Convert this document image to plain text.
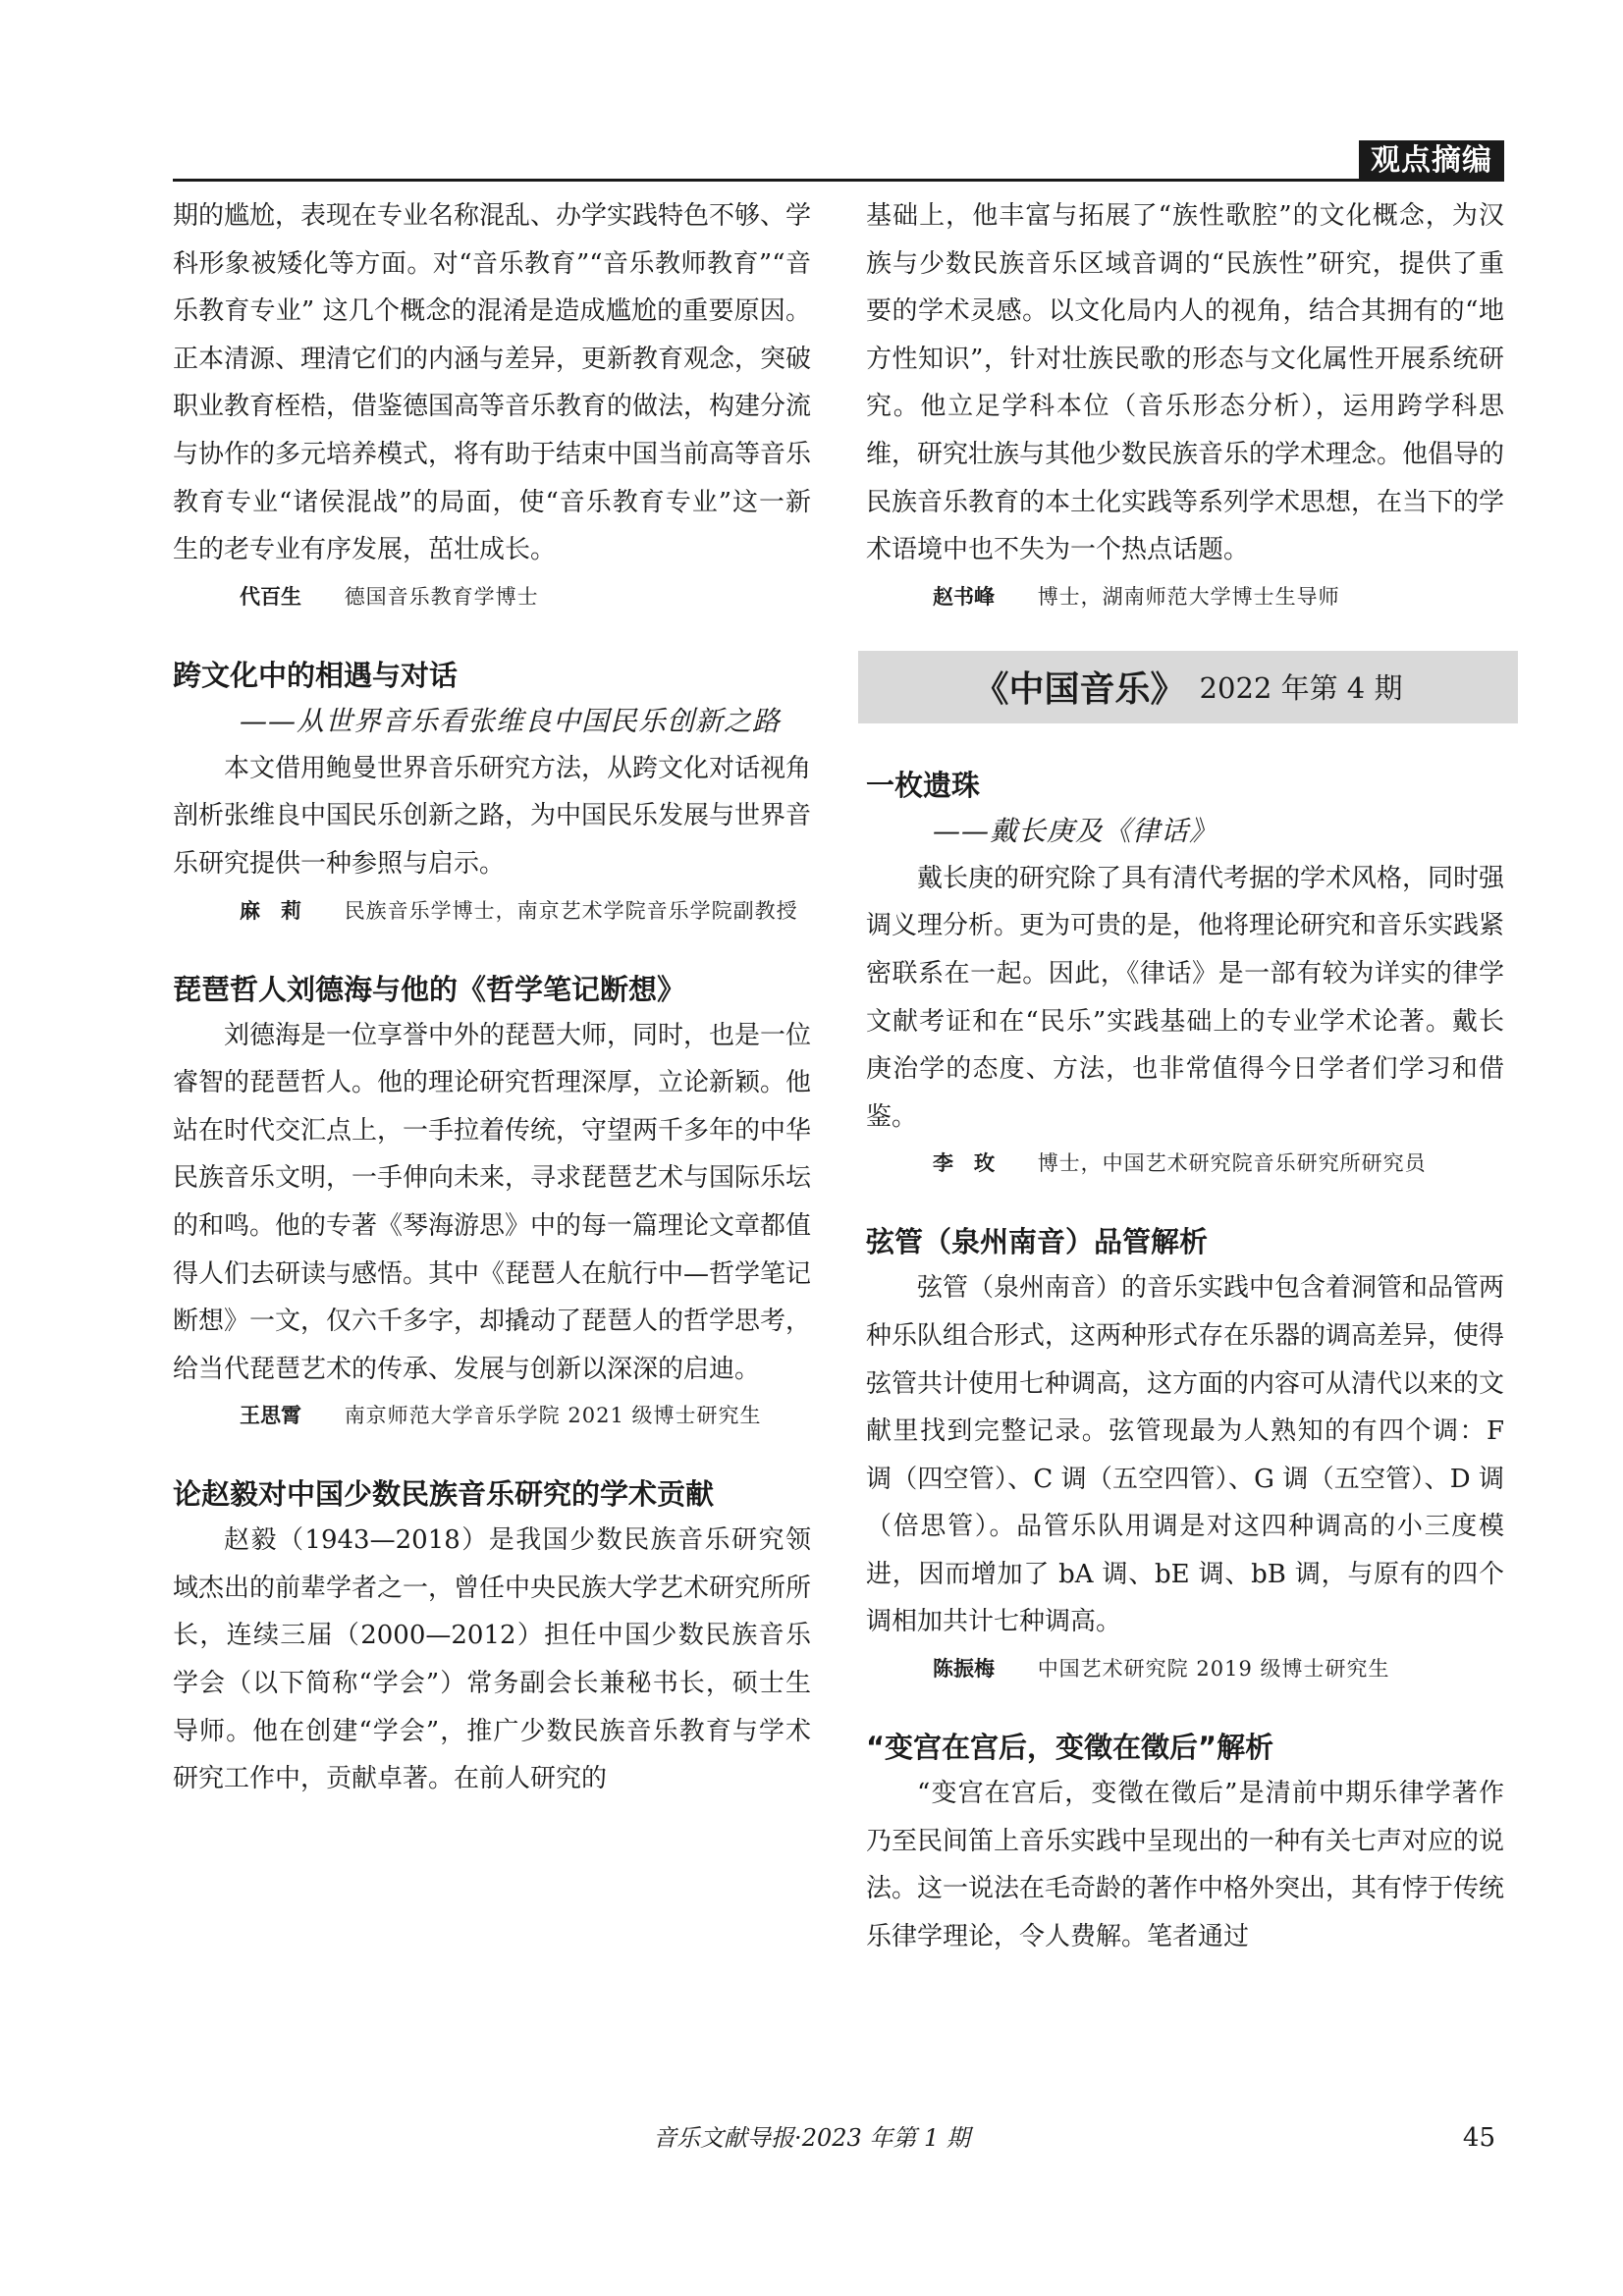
观点摘编

期的尴尬，表现在专业名称混乱、办学实践特色不够、学科形象被矮化等方面。对“音乐教育”“音乐教师教育”“音乐教育专业” 这几个概念的混淆是造成尴尬的重要原因。正本清源、理清它们的内涵与差异，更新教育观念，突破职业教育桎梏，借鉴德国高等音乐教育的做法，构建分流与协作的多元培养模式，将有助于结束中国当前高等音乐教育专业“诸侯混战”的局面，使“音乐教育专业”这一新生的老专业有序发展，茁壮成长。

代百生 德国音乐教育学博士
跨文化中的相遇与对话

——从世界音乐看张维良中国民乐创新之路

本文借用鲍曼世界音乐研究方法，从跨文化对话视角剖析张维良中国民乐创新之路，为中国民乐发展与世界音乐研究提供一种参照与启示。

麻　莉 民族音乐学博士，南京艺术学院音乐学院副教授
琵琶哲人刘德海与他的《哲学笔记断想》

刘德海是一位享誉中外的琵琶大师，同时，也是一位睿智的琵琶哲人。他的理论研究哲理深厚，立论新颖。他站在时代交汇点上，一手拉着传统，守望两千多年的中华民族音乐文明，一手伸向未来，寻求琵琶艺术与国际乐坛的和鸣。他的专著《琴海游思》中的每一篇理论文章都值得人们去研读与感悟。其中《琵琶人在航行中—哲学笔记断想》一文，仅六千多字，却撬动了琵琶人的哲学思考，给当代琵琶艺术的传承、发展与创新以深深的启迪。

王思霄 南京师范大学音乐学院 2021 级博士研究生
论赵毅对中国少数民族音乐研究的学术贡献

赵毅（1943—2018）是我国少数民族音乐研究领域杰出的前辈学者之一，曾任中央民族大学艺术研究所所长，连续三届（2000—2012）担任中国少数民族音乐学会（以下简称“学会”）常务副会长兼秘书长，硕士生导师。他在创建“学会”，推广少数民族音乐教育与学术研究工作中，贡献卓著。在前人研究的

基础上，他丰富与拓展了“族性歌腔”的文化概念，为汉族与少数民族音乐区域音调的“民族性”研究，提供了重要的学术灵感。以文化局内人的视角，结合其拥有的“地方性知识”，针对壮族民歌的形态与文化属性开展系统研究。他立足学科本位（音乐形态分析），运用跨学科思维，研究壮族与其他少数民族音乐的学术理念。他倡导的民族音乐教育的本土化实践等系列学术思想，在当下的学术语境中也不失为一个热点话题。

赵书峰 博士，湖南师范大学博士生导师
《中国音乐》 2022 年第 4 期
一枚遗珠

——戴长庚及《律话》

戴长庚的研究除了具有清代考据的学术风格，同时强调义理分析。更为可贵的是，他将理论研究和音乐实践紧密联系在一起。因此，《律话》是一部有较为详实的律学文献考证和在“民乐”实践基础上的专业学术论著。戴长庚治学的态度、方法，也非常值得今日学者们学习和借鉴。

李　玫 博士，中国艺术研究院音乐研究所研究员
弦管（泉州南音）品管解析

弦管（泉州南音）的音乐实践中包含着洞管和品管两种乐队组合形式，这两种形式存在乐器的调高差异，使得弦管共计使用七种调高，这方面的内容可从清代以来的文献里找到完整记录。弦管现最为人熟知的有四个调：F 调（四空管）、C 调（五空四管）、G 调（五空管）、D 调（倍思管）。品管乐队用调是对这四种调高的小三度模进，因而增加了 bA 调、bE 调、bB 调，与原有的四个调相加共计七种调高。

陈振梅 中国艺术研究院 2019 级博士研究生
“变宫在宫后，变徵在徵后”解析

“变宫在宫后，变徵在徵后”是清前中期乐律学著作乃至民间笛上音乐实践中呈现出的一种有关七声对应的说法。这一说法在毛奇龄的著作中格外突出，其有悖于传统乐律学理论，令人费解。笔者通过

音乐文献导报·2023 年第 1 期	45
